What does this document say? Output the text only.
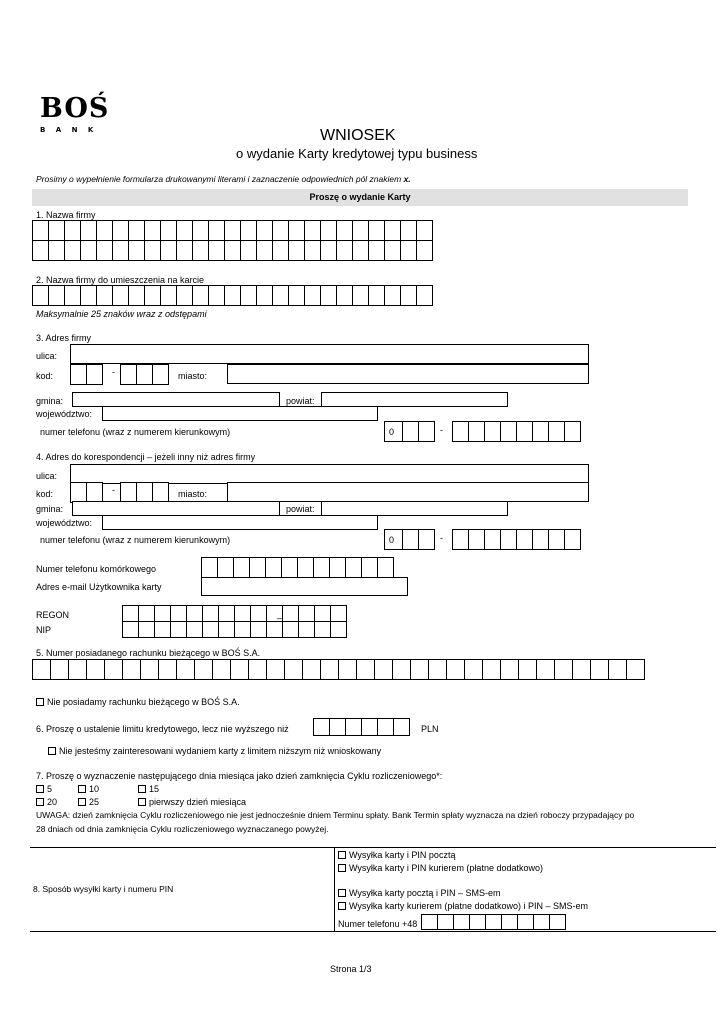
BOŚ
B A N K	WNIOSEK
o wydanie Karty kredytowej typu business
Prosimy o wypełnienie formularza drukowanymi literami i zaznaczenie odpowiednich pól znakiem x.
Proszę o wydanie Karty
1. Nazwa firmy
2. Nazwa firmy do umieszczenia na karcie
Maksymalnie 25 znaków wraz z odstępami
3. Adres firmy
ulica:
kod:	-	miasto:
gmina:	powiat:
województwo:
numer telefonu (wraz z numerem kierunkowym)	0	-
4. Adres do korespondencji – jeżeli inny niż adres firmy
ulica:
kod:	-	miasto:
gmina:	powiat:
województwo:
numer telefonu (wraz z numerem kierunkowym)	0	-
Numer telefonu komórkowego
Adres e-mail Użytkownika karty
REGON	_
NIP
5. Numer posiadanego rachunku bieżącego w BOŚ S.A.
Nie posiadamy rachunku bieżącego w BOŚ S.A.
6. Proszę o ustalenie limitu kredytowego, lecz nie wyższego niż	PLN
Nie jesteśmy zainteresowani wydaniem karty z limitem niższym niż wnioskowany
7. Proszę o wyznaczenie następującego dnia miesiąca jako dzień zamknięcia Cyklu rozliczeniowego*:
5	10	15
20	25	pierwszy dzień miesiąca
UWAGA: dzień zamknięcia Cyklu rozliczeniowego nie jest jednocześnie dniem Terminu spłaty. Bank Termin spłaty wyznacza na dzień roboczy przypadający po
28 dniach od dnia zamknięcia Cyklu rozliczeniowego wyznaczanego powyżej.
8. Sposób wysyłki karty i numeru PIN
Wysyłka karty i PIN pocztą
Wysyłka karty i PIN kurierem (płatne dodatkowo)
Wysyłka karty pocztą i PIN – SMS-em
Wysyłka karty kurierem (płatne dodatkowo) i PIN – SMS-em
Numer telefonu +48
Strona 1/3
